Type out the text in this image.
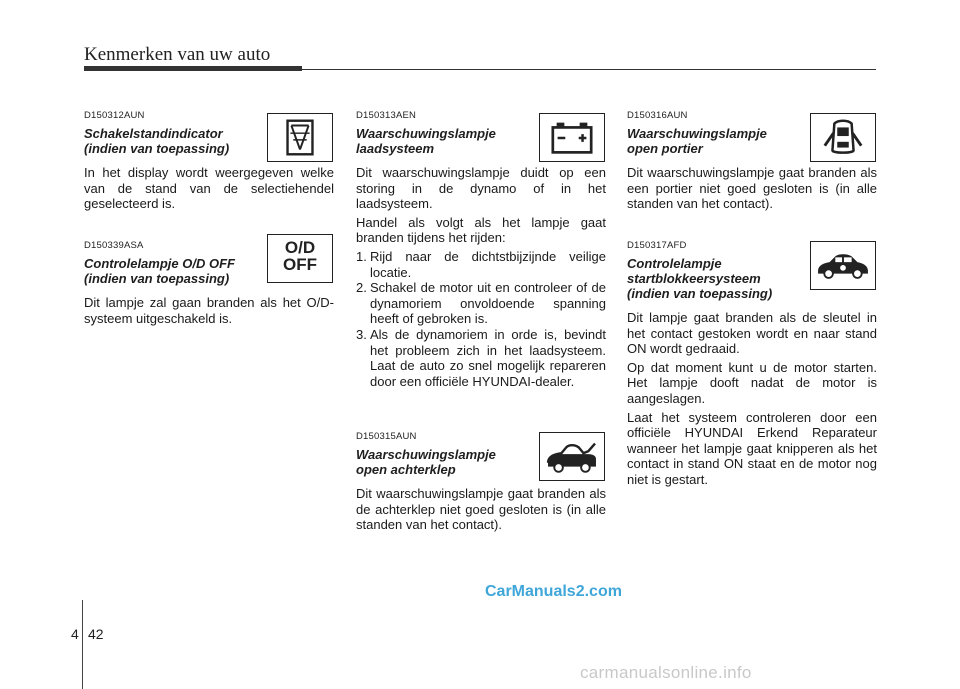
Kenmerken van uw auto
D150312AUN
Schakelstandindicator
(indien van toepassing)
In het display wordt weergegeven welke van de stand van de selectiehendel geselecteerd is.
D150339ASA
Controlelampje O/D OFF
(indien van toepassing)
Dit lampje zal gaan branden als het O/D-systeem uitgeschakeld is.
O/D
OFF
D150313AEN
Waarschuwingslampje
laadsysteem
Dit waarschuwingslampje duidt op een storing in de dynamo of in het laadsysteem.
Handel als volgt als het lampje gaat branden tijdens het rijden:
1. Rijd naar de dichtstbijzijnde veilige locatie.
2. Schakel de motor uit en controleer of de dynamoriem onvoldoende spanning heeft of gebroken is.
3. Als de dynamoriem in orde is, bevindt het probleem zich in het laadsysteem. Laat de auto zo snel mogelijk repareren door een officiële HYUNDAI-dealer.
D150315AUN
Waarschuwingslampje
open achterklep
Dit waarschuwingslampje gaat branden als de achterklep niet goed gesloten is (in alle standen van het contact).
D150316AUN
Waarschuwingslampje
open portier
Dit waarschuwingslampje gaat branden als een portier niet goed gesloten is (in alle standen van het contact).
D150317AFD
Controlelampje
startblokkeersysteem
(indien van toepassing)
Dit lampje gaat branden als de sleutel in het contact gestoken wordt en naar stand ON wordt gedraaid.
Op dat moment kunt u de motor starten. Het lampje dooft nadat de motor is aangeslagen.
Laat het systeem controleren door een officiële HYUNDAI Erkend Reparateur wanneer het lampje gaat knipperen als het contact in stand ON staat en de motor nog niet is gestart.
CarManuals2.com
4 42
carmanualsonline.info
